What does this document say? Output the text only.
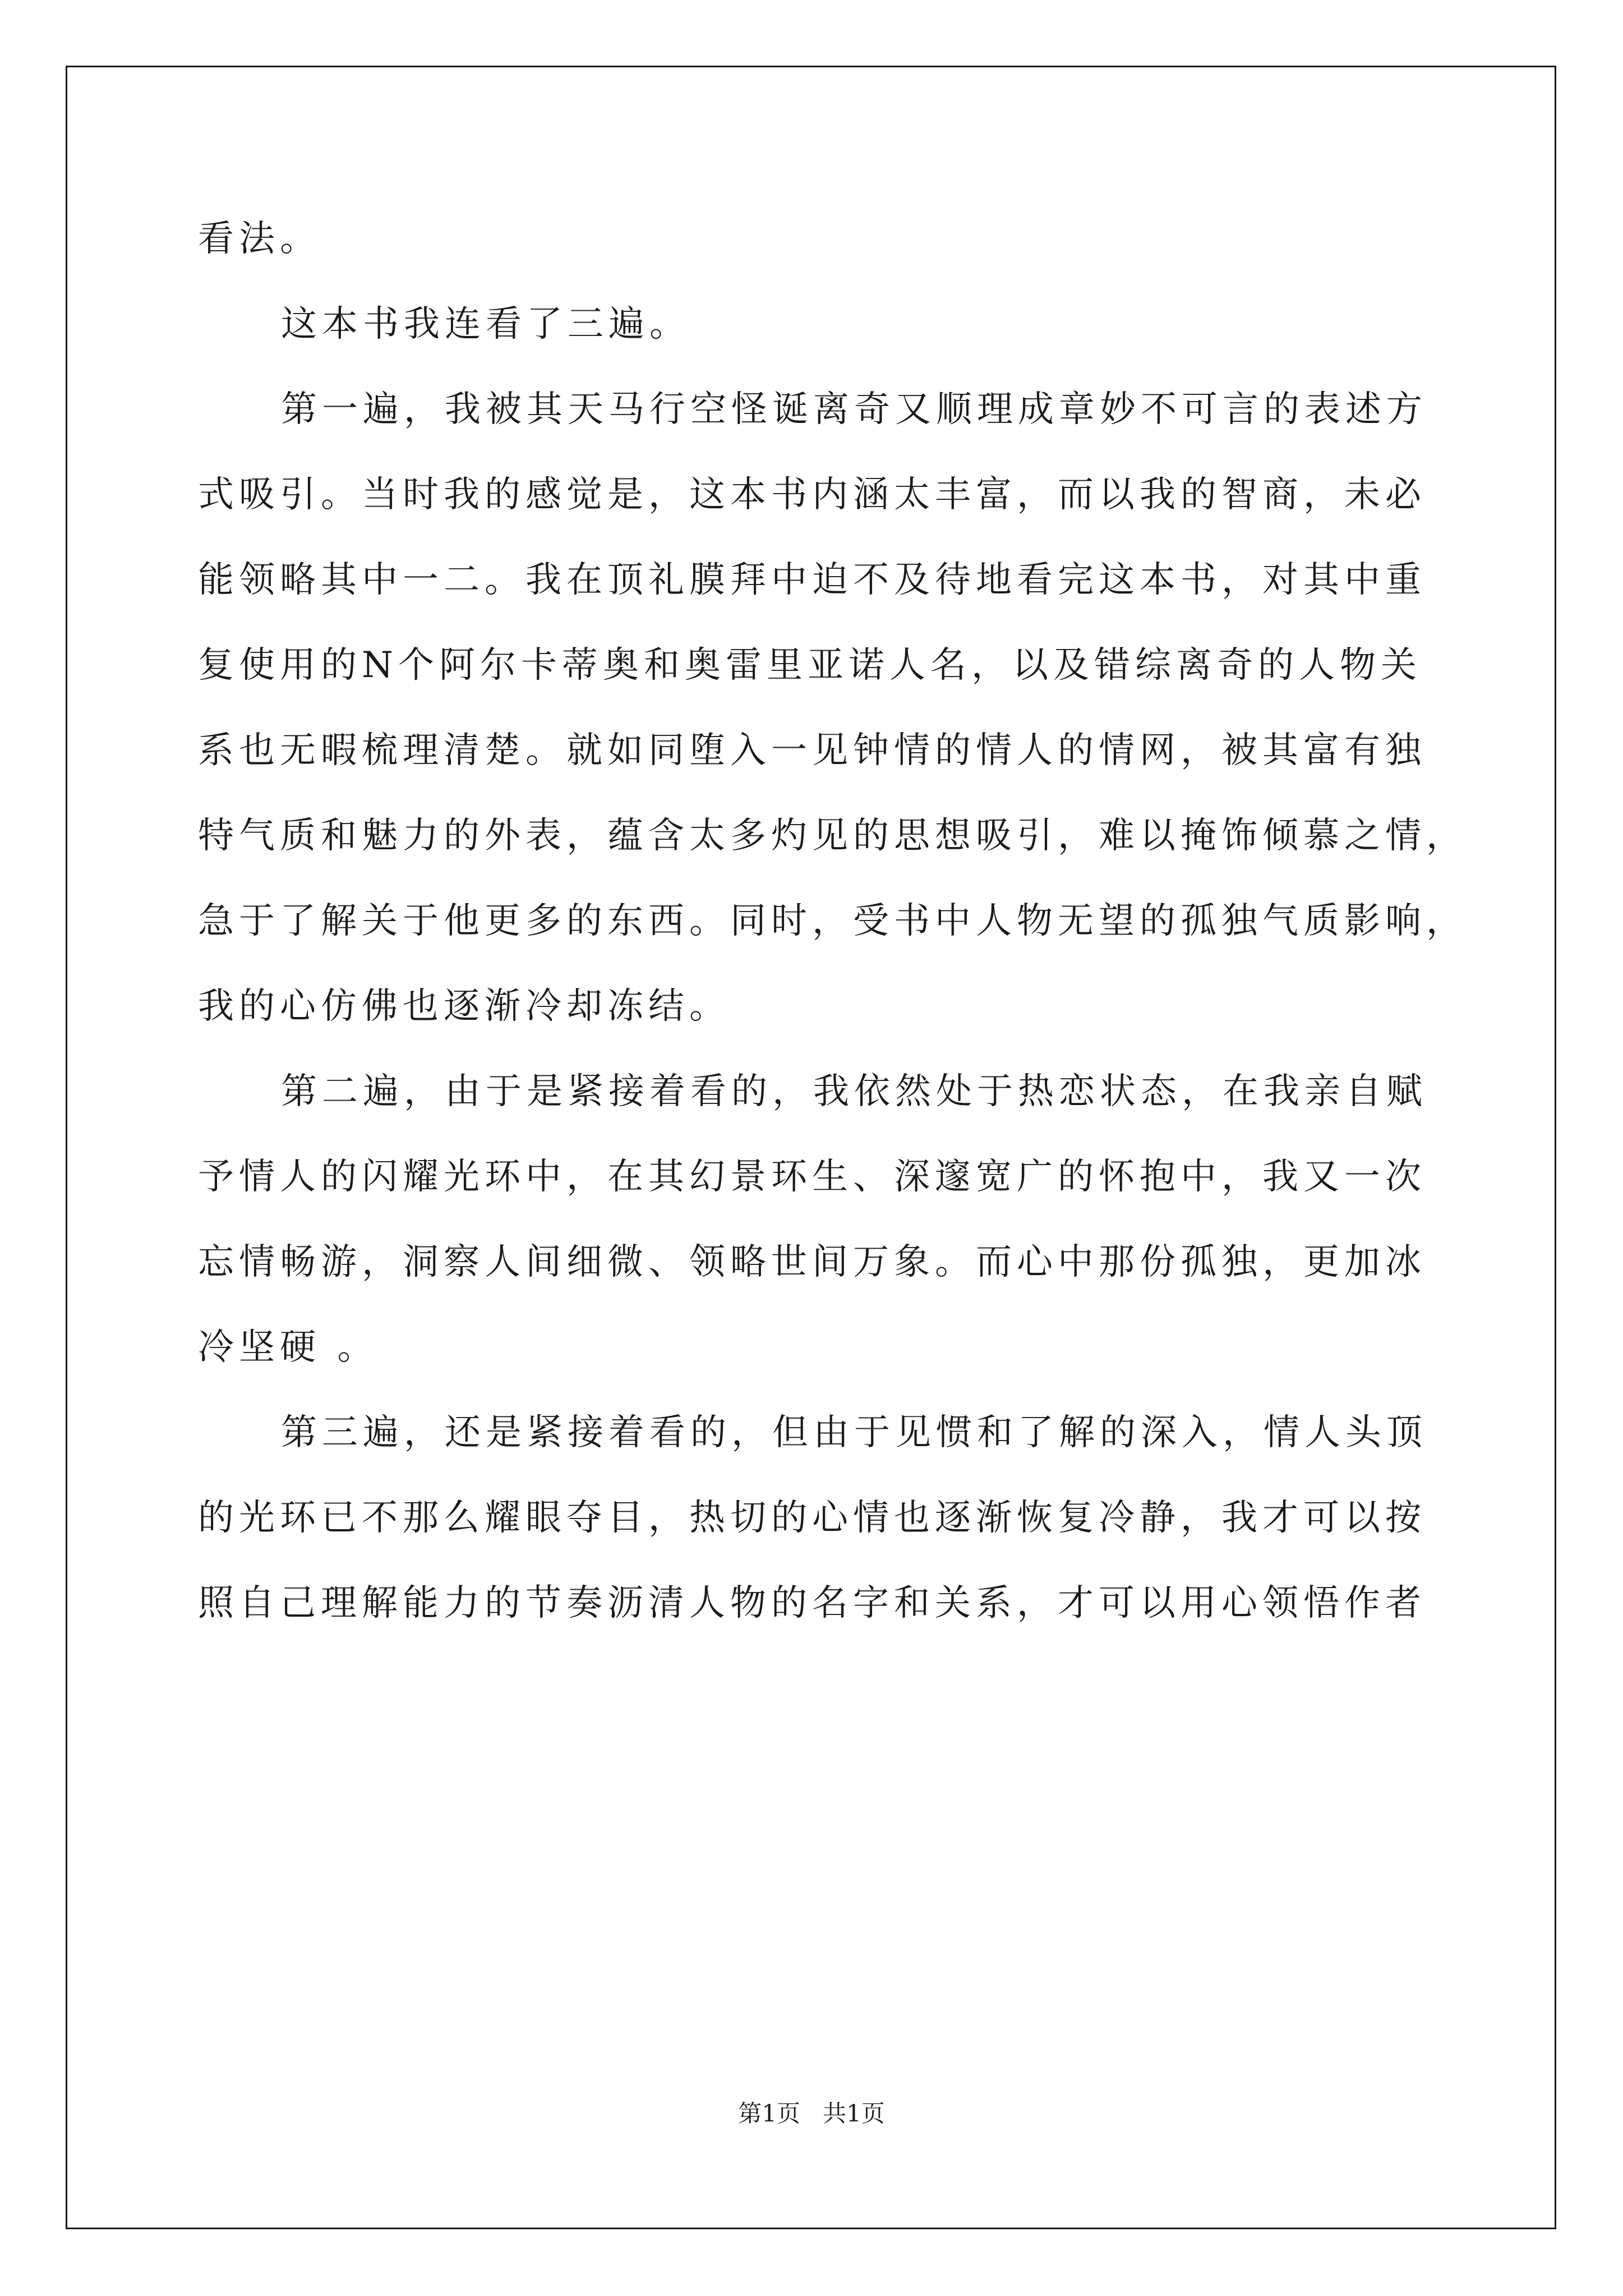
看法。
这本书我连看了三遍。
第一遍，我被其天马行空怪诞离奇又顺理成章妙不可言的表述方
式吸引。当时我的感觉是，这本书内涵太丰富，而以我的智商，未必
能领略其中一二。我在顶礼膜拜中迫不及待地看完这本书，对其中重
复使用的N个阿尔卡蒂奥和奥雷里亚诺人名，以及错综离奇的人物关
系也无暇梳理清楚。就如同堕入一见钟情的情人的情网，被其富有独
特气质和魅力的外表，蕴含太多灼见的思想吸引，难以掩饰倾慕之情，
急于了解关于他更多的东西。同时，受书中人物无望的孤独气质影响，
我的心仿佛也逐渐冷却冻结。
第二遍，由于是紧接着看的，我依然处于热恋状态，在我亲自赋
予情人的闪耀光环中，在其幻景环生、深邃宽广的怀抱中，我又一次
忘情畅游，洞察人间细微、领略世间万象。而心中那份孤独，更加冰
冷坚硬 。
第三遍，还是紧接着看的，但由于见惯和了解的深入，情人头顶
的光环已不那么耀眼夺目，热切的心情也逐渐恢复冷静，我才可以按
照自己理解能力的节奏沥清人物的名字和关系，才可以用心领悟作者
第1页 共1页
